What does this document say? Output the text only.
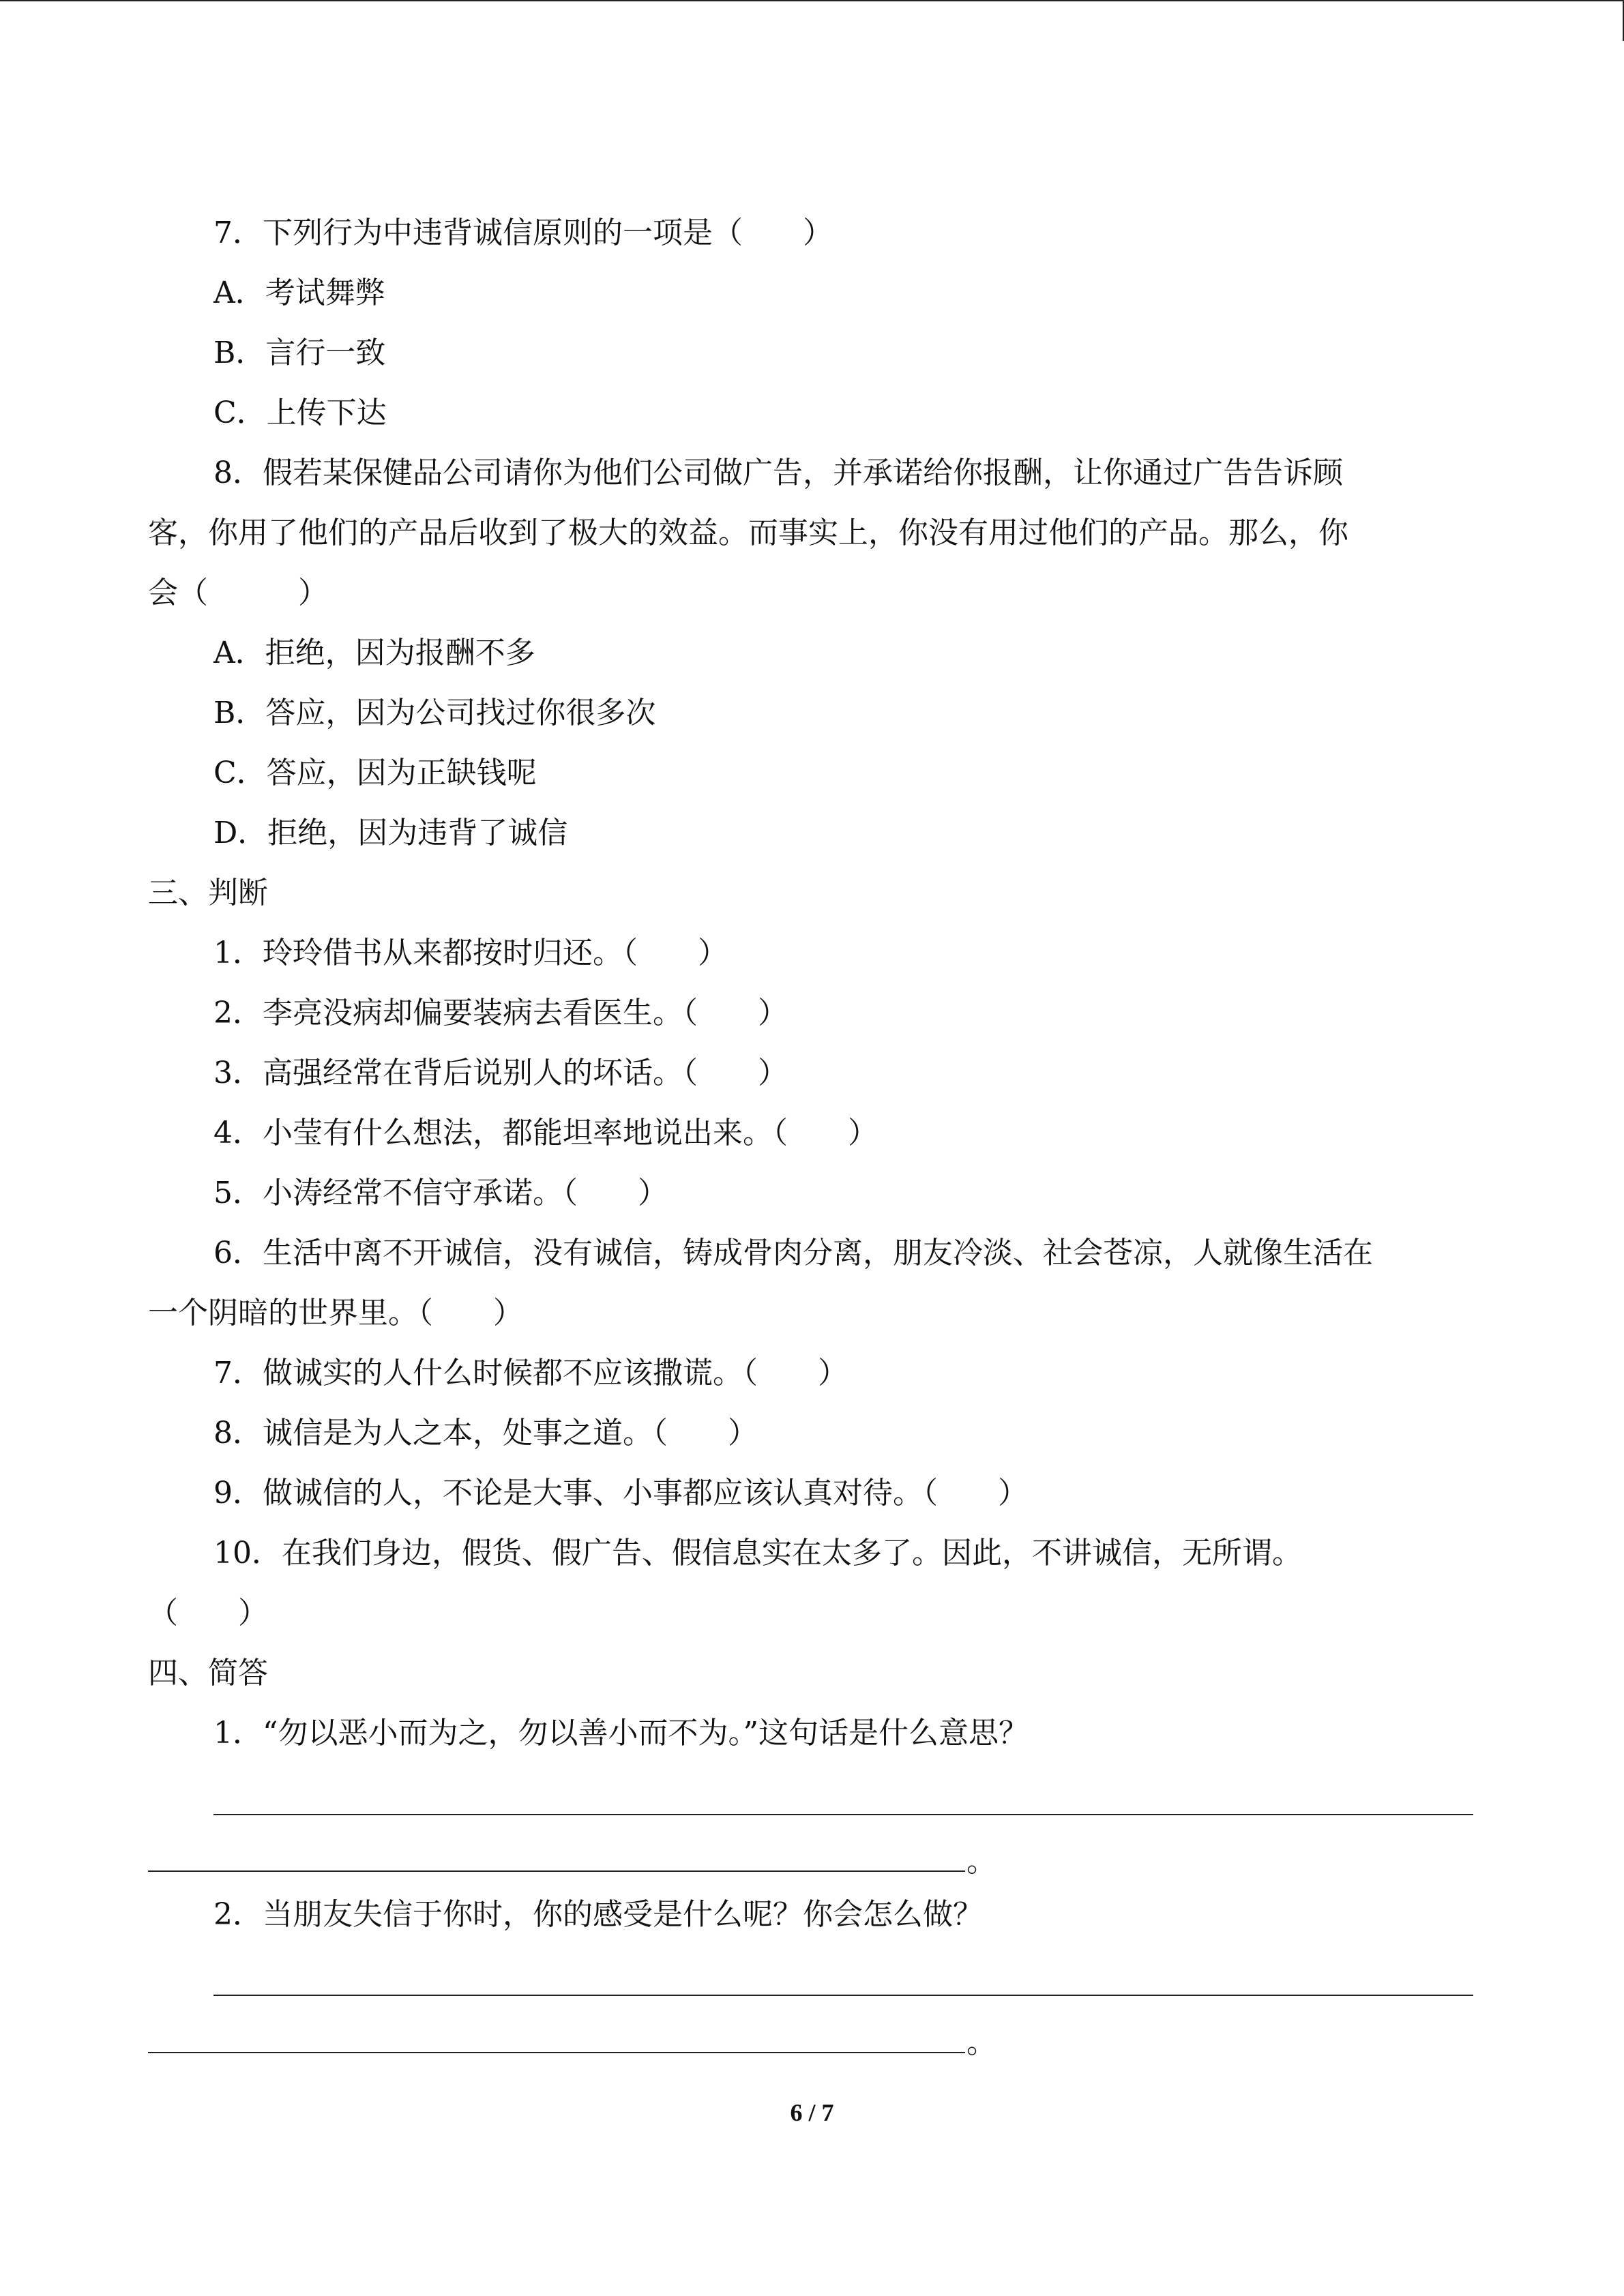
7．下列行为中违背诚信原则的一项是（　　）
A．考试舞弊
B．言行一致
C．上传下达
8．假若某保健品公司请你为他们公司做广告，并承诺给你报酬，让你通过广告告诉顾
客，你用了他们的产品后收到了极大的效益。而事实上，你没有用过他们的产品。那么，你
会（　　　）
A．拒绝，因为报酬不多
B．答应，因为公司找过你很多次
C．答应，因为正缺钱呢
D．拒绝，因为违背了诚信
三、判断
1．玲玲借书从来都按时归还。（　　）
2．李亮没病却偏要装病去看医生。（　　）
3．高强经常在背后说别人的坏话。（　　）
4．小莹有什么想法，都能坦率地说出来。（　　）
5．小涛经常不信守承诺。（　　）
6．生活中离不开诚信，没有诚信，铸成骨肉分离，朋友冷淡、社会苍凉，人就像生活在
一个阴暗的世界里。（　　）
7．做诚实的人什么时候都不应该撒谎。（　　）
8．诚信是为人之本，处事之道。（　　）
9．做诚信的人，不论是大事、小事都应该认真对待。（　　）
10．在我们身边，假货、假广告、假信息实在太多了。因此，不讲诚信，无所谓。
（　　）
四、简答
1．“勿以恶小而为之，勿以善小而不为。”这句话是什么意思？
。
2．当朋友失信于你时，你的感受是什么呢？你会怎么做？
。
6 / 7
